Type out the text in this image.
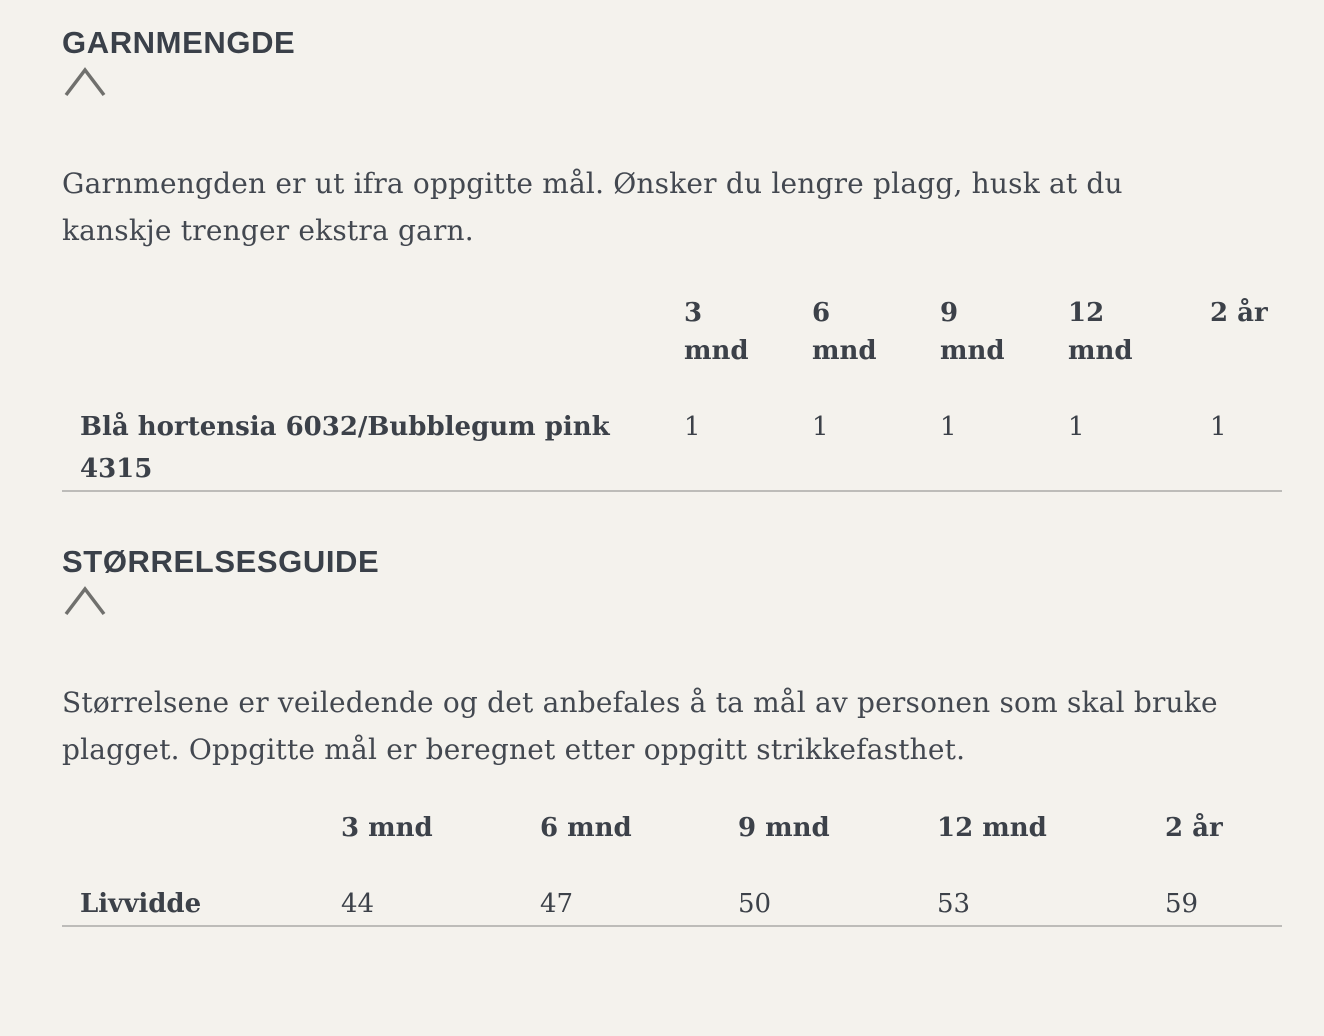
GARNMENGDE

Garnmengden er ut ifra oppgitte mål. Ønsker du lengre plagg, husk at du kanskje trenger ekstra garn.

	3 mnd	6 mnd	9 mnd	12 mnd	2 år
Blå hortensia 6032/Bubblegum pink 4315	1	1	1	1	1
STØRRELSESGUIDE

Størrelsene er veiledende og det anbefales å ta mål av personen som skal bruke plagget. Oppgitte mål er beregnet etter oppgitt strikkefasthet.

	3 mnd	6 mnd	9 mnd	12 mnd	2 år
Livvidde	44	47	50	53	59
